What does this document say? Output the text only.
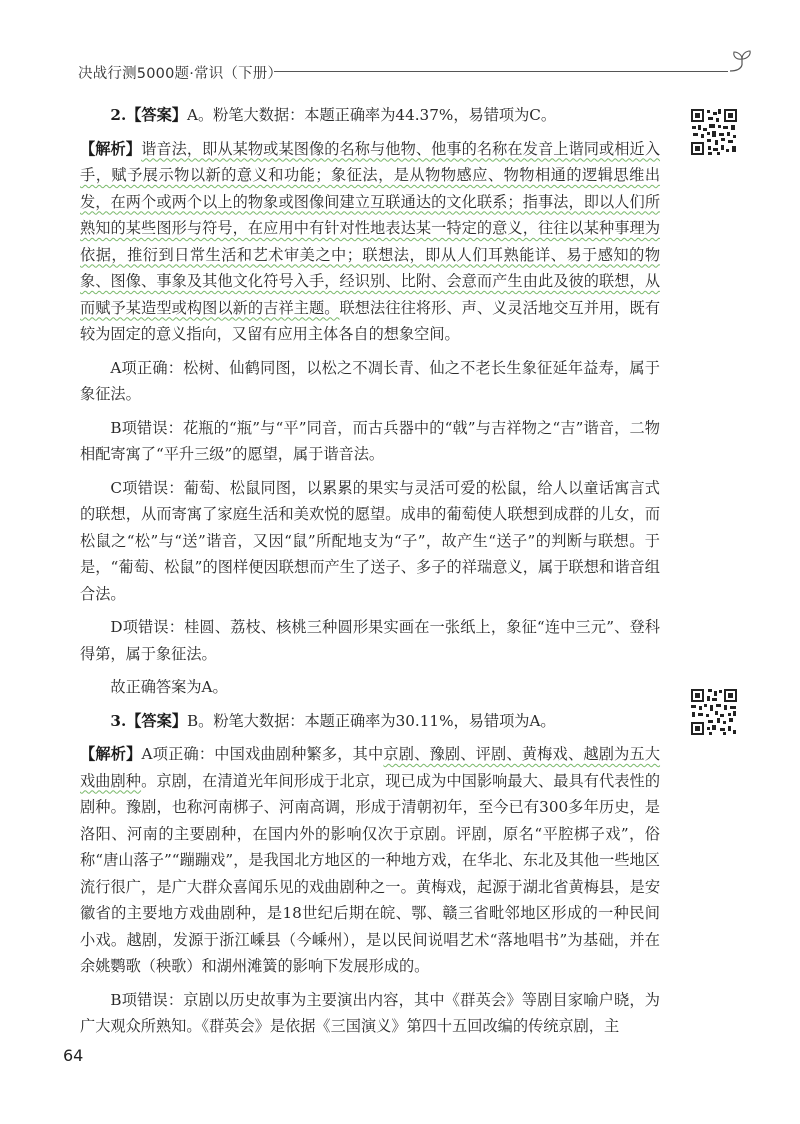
决战行测5000题·常识（下册）

2.【答案】A。粉笔大数据：本题正确率为44.37%，易错项为C。

【解析】谐音法，即从某物或某图像的名称与他物、他事的名称在发音上谐同或相近入手，赋予展示物以新的意义和功能；象征法，是从物物感应、物物相通的逻辑思维出发，在两个或两个以上的物象或图像间建立互联通达的文化联系；指事法，即以人们所熟知的某些图形与符号，在应用中有针对性地表达某一特定的意义，往往以某种事理为依据，推衍到日常生活和艺术审美之中；联想法，即从人们耳熟能详、易于感知的物象、图像、事象及其他文化符号入手，经识别、比附、会意而产生由此及彼的联想，从而赋予某造型或构图以新的吉祥主题。联想法往往将形、声、义灵活地交互并用，既有较为固定的意义指向，又留有应用主体各自的想象空间。

A项正确：松树、仙鹤同图，以松之不凋长青、仙之不老长生象征延年益寿，属于象征法。

B项错误：花瓶的“瓶”与“平”同音，而古兵器中的“戟”与吉祥物之“吉”谐音，二物相配寄寓了“平升三级”的愿望，属于谐音法。

C项错误：葡萄、松鼠同图，以累累的果实与灵活可爱的松鼠，给人以童话寓言式的联想，从而寄寓了家庭生活和美欢悦的愿望。成串的葡萄使人联想到成群的儿女，而松鼠之“松”与“送”谐音，又因“鼠”所配地支为“子”，故产生“送子”的判断与联想。于是，“葡萄、松鼠”的图样便因联想而产生了送子、多子的祥瑞意义，属于联想和谐音组合法。

D项错误：桂圆、荔枝、核桃三种圆形果实画在一张纸上，象征“连中三元”、登科得第，属于象征法。

故正确答案为A。

3.【答案】B。粉笔大数据：本题正确率为30.11%，易错项为A。

【解析】A项正确：中国戏曲剧种繁多，其中京剧、豫剧、评剧、黄梅戏、越剧为五大戏曲剧种。京剧，在清道光年间形成于北京，现已成为中国影响最大、最具有代表性的剧种。豫剧，也称河南梆子、河南高调，形成于清朝初年，至今已有300多年历史，是洛阳、河南的主要剧种，在国内外的影响仅次于京剧。评剧，原名“平腔梆子戏”，俗称“唐山落子”“蹦蹦戏”，是我国北方地区的一种地方戏，在华北、东北及其他一些地区流行很广，是广大群众喜闻乐见的戏曲剧种之一。黄梅戏，起源于湖北省黄梅县，是安徽省的主要地方戏曲剧种，是18世纪后期在皖、鄂、赣三省毗邻地区形成的一种民间小戏。越剧，发源于浙江嵊县（今嵊州），是以民间说唱艺术“落地唱书”为基础，并在余姚鹦歌（秧歌）和湖州滩簧的影响下发展形成的。

B项错误：京剧以历史故事为主要演出内容，其中《群英会》等剧目家喻户晓，为广大观众所熟知。《群英会》是依据《三国演义》第四十五回改编的传统京剧，主

64
